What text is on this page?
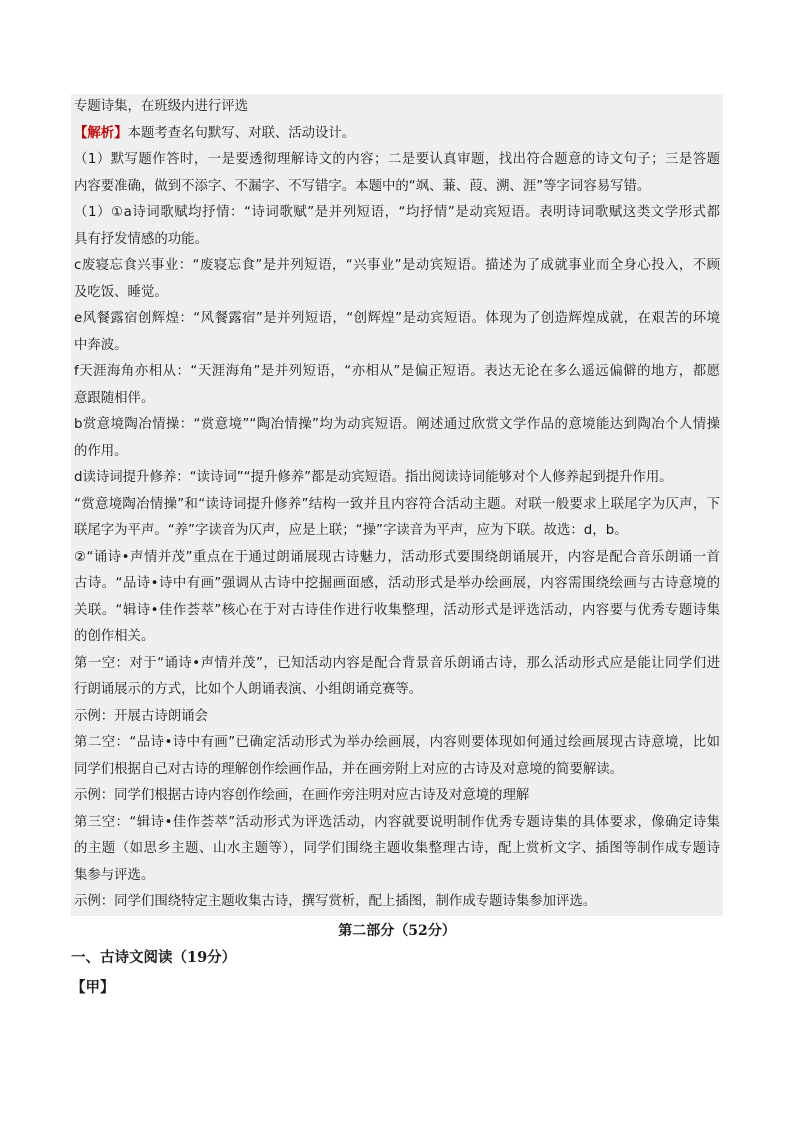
专题诗集，在班级内进行评选
【解析】本题考查名句默写、对联、活动设计。
（1）默写题作答时，一是要透彻理解诗文的内容；二是要认真审题，找出符合题意的诗文句子；三是答题
内容要准确，做到不添字、不漏字、不写错字。本题中的“飒、蒹、葭、溯、涯”等字词容易写错。
（1）①a诗词歌赋均抒情：“诗词歌赋”是并列短语，“均抒情”是动宾短语。表明诗词歌赋这类文学形式都
具有抒发情感的功能。
c废寝忘食兴事业：“废寝忘食”是并列短语，“兴事业”是动宾短语。描述为了成就事业而全身心投入，不顾
及吃饭、睡觉。
e风餐露宿创辉煌：“风餐露宿”是并列短语，“创辉煌”是动宾短语。体现为了创造辉煌成就，在艰苦的环境
中奔波。
f天涯海角亦相从：“天涯海角”是并列短语，“亦相从”是偏正短语。表达无论在多么遥远偏僻的地方，都愿
意跟随相伴。
b赏意境陶冶情操：“赏意境”“陶冶情操”均为动宾短语。阐述通过欣赏文学作品的意境能达到陶冶个人情操
的作用。
d读诗词提升修养：“读诗词”“提升修养”都是动宾短语。指出阅读诗词能够对个人修养起到提升作用。
“赏意境陶冶情操”和“读诗词提升修养”结构一致并且内容符合活动主题。对联一般要求上联尾字为仄声，下
联尾字为平声。“养”字读音为仄声，应是上联；“操”字读音为平声，应为下联。故选：d，b。
②“诵诗•声情并茂”重点在于通过朗诵展现古诗魅力，活动形式要围绕朗诵展开，内容是配合音乐朗诵一首
古诗。“品诗•诗中有画”强调从古诗中挖掘画面感，活动形式是举办绘画展，内容需围绕绘画与古诗意境的
关联。“辑诗•佳作荟萃”核心在于对古诗佳作进行收集整理，活动形式是评选活动，内容要与优秀专题诗集
的创作相关。
第一空：对于“诵诗•声情并茂”，已知活动内容是配合背景音乐朗诵古诗，那么活动形式应是能让同学们进
行朗诵展示的方式，比如个人朗诵表演、小组朗诵竞赛等。
示例：开展古诗朗诵会
第二空：“品诗•诗中有画”已确定活动形式为举办绘画展，内容则要体现如何通过绘画展现古诗意境，比如
同学们根据自己对古诗的理解创作绘画作品，并在画旁附上对应的古诗及对意境的简要解读。
示例：同学们根据古诗内容创作绘画，在画作旁注明对应古诗及对意境的理解
第三空：“辑诗•佳作荟萃”活动形式为评选活动，内容就要说明制作优秀专题诗集的具体要求，像确定诗集
的主题（如思乡主题、山水主题等），同学们围绕主题收集整理古诗，配上赏析文字、插图等制作成专题诗
集参与评选。
示例：同学们围绕特定主题收集古诗，撰写赏析，配上插图，制作成专题诗集参加评选。
第二部分（52分）
一、古诗文阅读（19分）
【甲】
